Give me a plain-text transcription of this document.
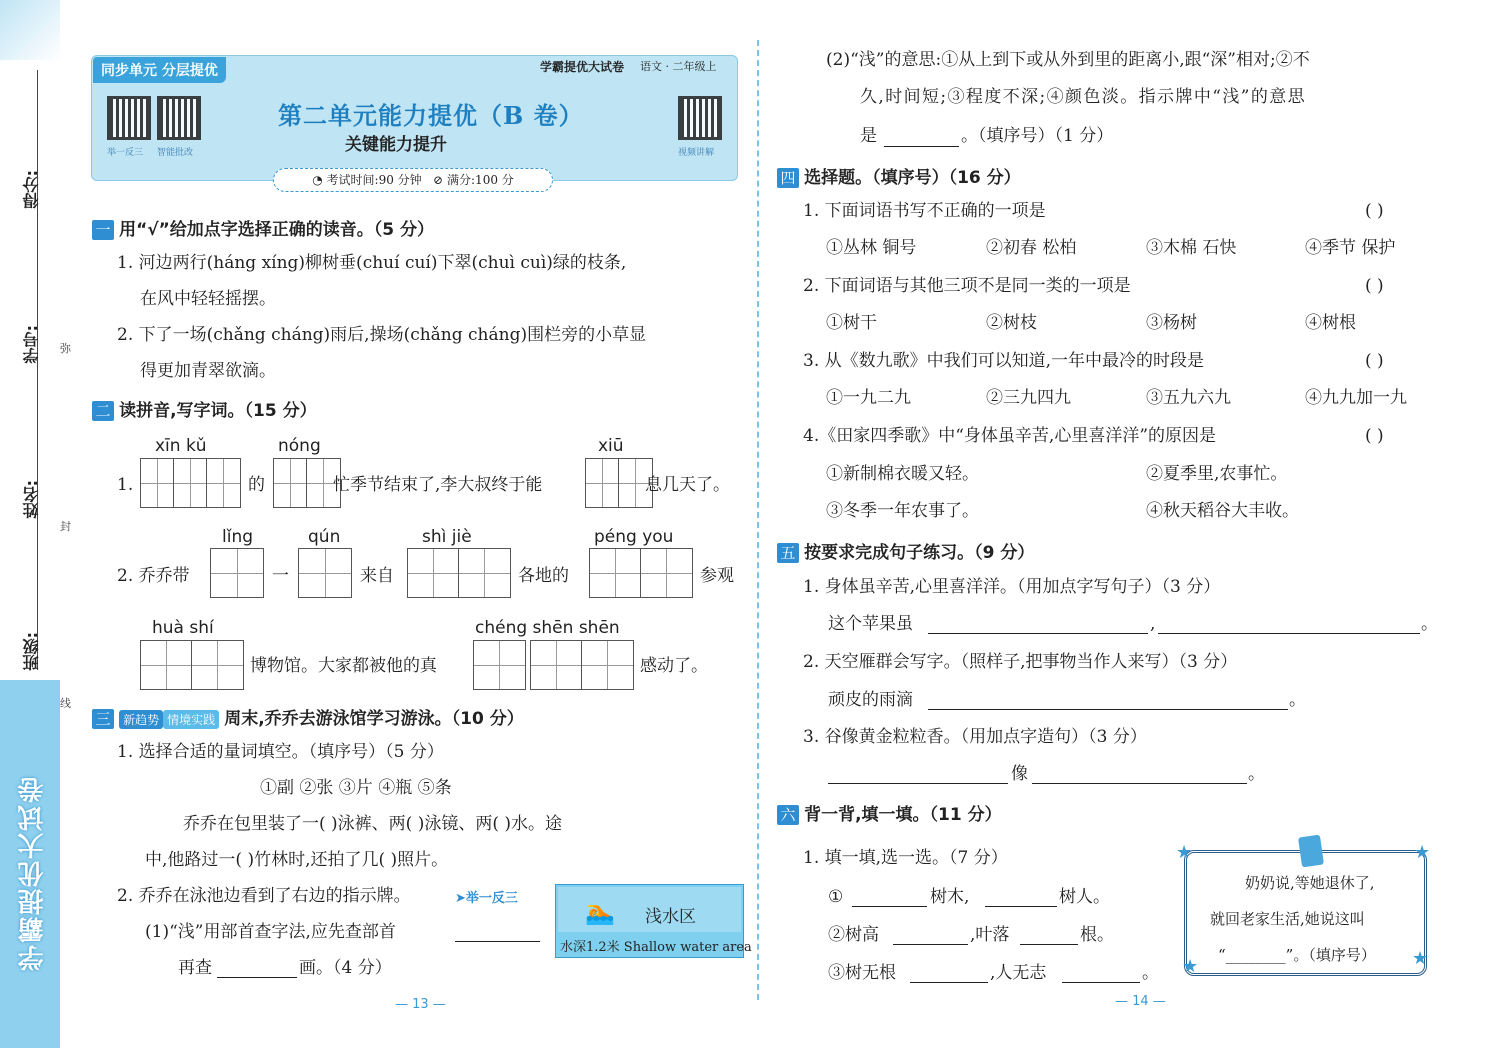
得分:
学号:
姓名:
班级:
弥
封
线
学霸提优大试卷
同步单元 分层提优	学霸提优大试卷 语文 · 二年级上
举一反三 智能批改	视频讲解
第二单元能力提优（B 卷）
关键能力提升
◔ 考试时间:90 分钟 ⊘ 满分:100 分
一 用“√”给加点字选择正确的读音。（5 分）
1. 河边两行(háng xíng)柳树垂(chuí cuí)下翠(chuì cuì)绿的枝条,
在风中轻轻摇摆。
2. 下了一场(chǎng cháng)雨后,操场(chǎng cháng)围栏旁的小草显
得更加青翠欲滴。
二 读拼音,写字词。（15 分）
xīn kǔ	nóng	xiū
1.	的	忙季节结束了,李大叔终于能	息几天了。
lǐng	qún	shì jiè	péng you
2. 乔乔带	一	来自	各地的	参观
huà shí	chéng shēn shēn
博物馆。大家都被他的真	感动了。
三 新趋势 情境实践 周末,乔乔去游泳馆学习游泳。（10 分）
1. 选择合适的量词填空。（填序号）（5 分）
①副 ②张 ③片 ④瓶 ⑤条
乔乔在包里装了一( )泳裤、两( )泳镜、两( )水。途
中,他路过一( )竹林时,还拍了几( )照片。
2. 乔乔在泳池边看到了右边的指示牌。	➤举一反三
(1)“浅”用部首查字法,应先查部首
再查	画。（4 分）
🏊 浅水区
水深1.2米 Shallow water area
— 13 —
(2)“浅”的意思:①从上到下或从外到里的距离小,跟“深”相对;②不
久,时间短;③程度不深;④颜色淡。指示牌中“浅”的意思
是	。（填序号）（1 分）
四 选择题。（填序号）（16 分）
1. 下面词语书写不正确的一项是	( )
①丛林 铜号	②初春 松柏	③木棉 石快	④季节 保护
2. 下面词语与其他三项不是同一类的一项是	( )
①树干	②树枝	③杨树	④树根
3. 从《数九歌》中我们可以知道,一年中最冷的时段是	( )
①一九二九	②三九四九	③五九六九	④九九加一九
4.《田家四季歌》中“身体虽辛苦,心里喜洋洋”的原因是	( )
①新制棉衣暖又轻。	②夏季里,农事忙。
③冬季一年农事了。	④秋天稻谷大丰收。
五 按要求完成句子练习。（9 分）
1. 身体虽辛苦,心里喜洋洋。（用加点字写句子）（3 分）
这个苹果虽	,	。
2. 天空雁群会写字。（照样子,把事物当作人来写）（3 分）
顽皮的雨滴	。
3. 谷像黄金粒粒香。（用加点字造句）（3 分）
像	。
六 背一背,填一填。（11 分）
1. 填一填,选一选。（7 分）
①	树木,	树人。
②树高	,叶落	根。
③树无根	,人无志	。
★	★
★	★
奶奶说,等她退休了,
就回老家生活,她说这叫
“________”。（填序号）
— 14 —
